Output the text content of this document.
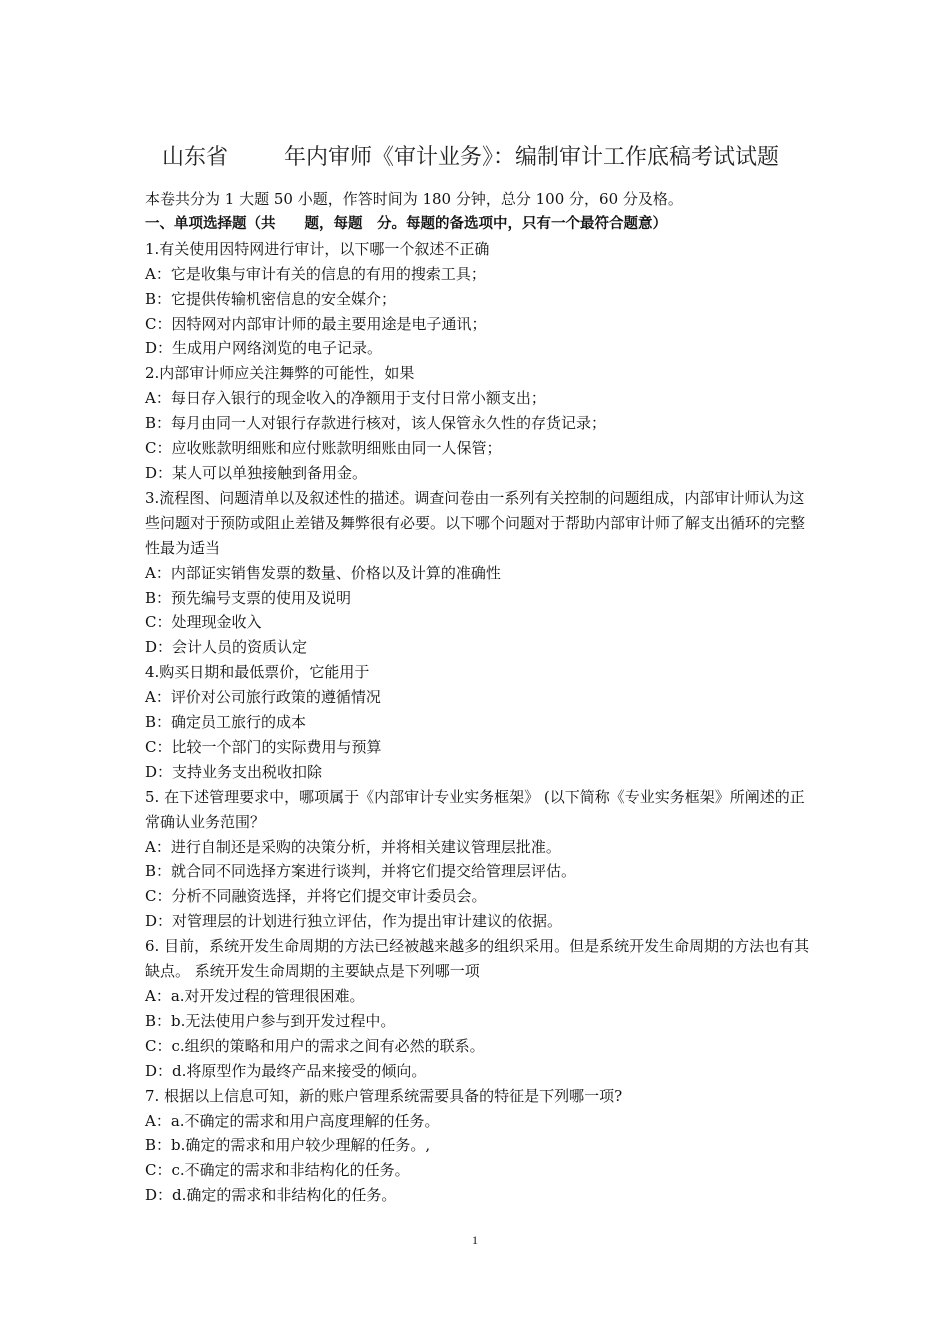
山东省	年内审师《审计业务》：编制审计工作底稿考试试题
本卷共分为 1 大题 50 小题，作答时间为 180 分钟，总分 100 分，60 分及格。
一、单项选择题（共　　题，每题　分。每题的备选项中，只有一个最符合题意）
1.有关使用因特网进行审计，以下哪一个叙述不正确
A：它是收集与审计有关的信息的有用的搜索工具；
B：它提供传输机密信息的安全媒介；
C：因特网对内部审计师的最主要用途是电子通讯；
D：生成用户网络浏览的电子记录。
2.内部审计师应关注舞弊的可能性，如果
A：每日存入银行的现金收入的净额用于支付日常小额支出；
B：每月由同一人对银行存款进行核对，该人保管永久性的存货记录；
C：应收账款明细账和应付账款明细账由同一人保管；
D：某人可以单独接触到备用金。
3.流程图、问题清单以及叙述性的描述。调查问卷由一系列有关控制的问题组成，内部审计师认为这些问题对于预防或阻止差错及舞弊很有必要。以下哪个问题对于帮助内部审计师了解支出循环的完整性最为适当
A：内部证实销售发票的数量、价格以及计算的准确性
B：预先编号支票的使用及说明
C：处理现金收入
D：会计人员的资质认定
4.购买日期和最低票价，它能用于
A：评价对公司旅行政策的遵循情况
B：确定员工旅行的成本
C：比较一个部门的实际费用与预算
D：支持业务支出税收扣除
5. 在下述管理要求中，哪项属于《内部审计专业实务框架》 (以下简称《专业实务框架》所阐述的正常确认业务范围？
A：进行自制还是采购的决策分析，并将相关建议管理层批准。
B：就合同不同选择方案进行谈判，并将它们提交给管理层评估。
C：分析不同融资选择，并将它们提交审计委员会。
D：对管理层的计划进行独立评估，作为提出审计建议的依据。
6. 目前，系统开发生命周期的方法已经被越来越多的组织采用。但是系统开发生命周期的方法也有其缺点。 系统开发生命周期的主要缺点是下列哪一项
A：a.对开发过程的管理很困难。
B：b.无法使用户参与到开发过程中。
C：c.组织的策略和用户的需求之间有必然的联系。
D：d.将原型作为最终产品来接受的倾向。
7. 根据以上信息可知，新的账户管理系统需要具备的特征是下列哪一项?
A：a.不确定的需求和用户高度理解的任务。
B：b.确定的需求和用户较少理解的任务。,
C：c.不确定的需求和非结构化的任务。
D：d.确定的需求和非结构化的任务。
1
